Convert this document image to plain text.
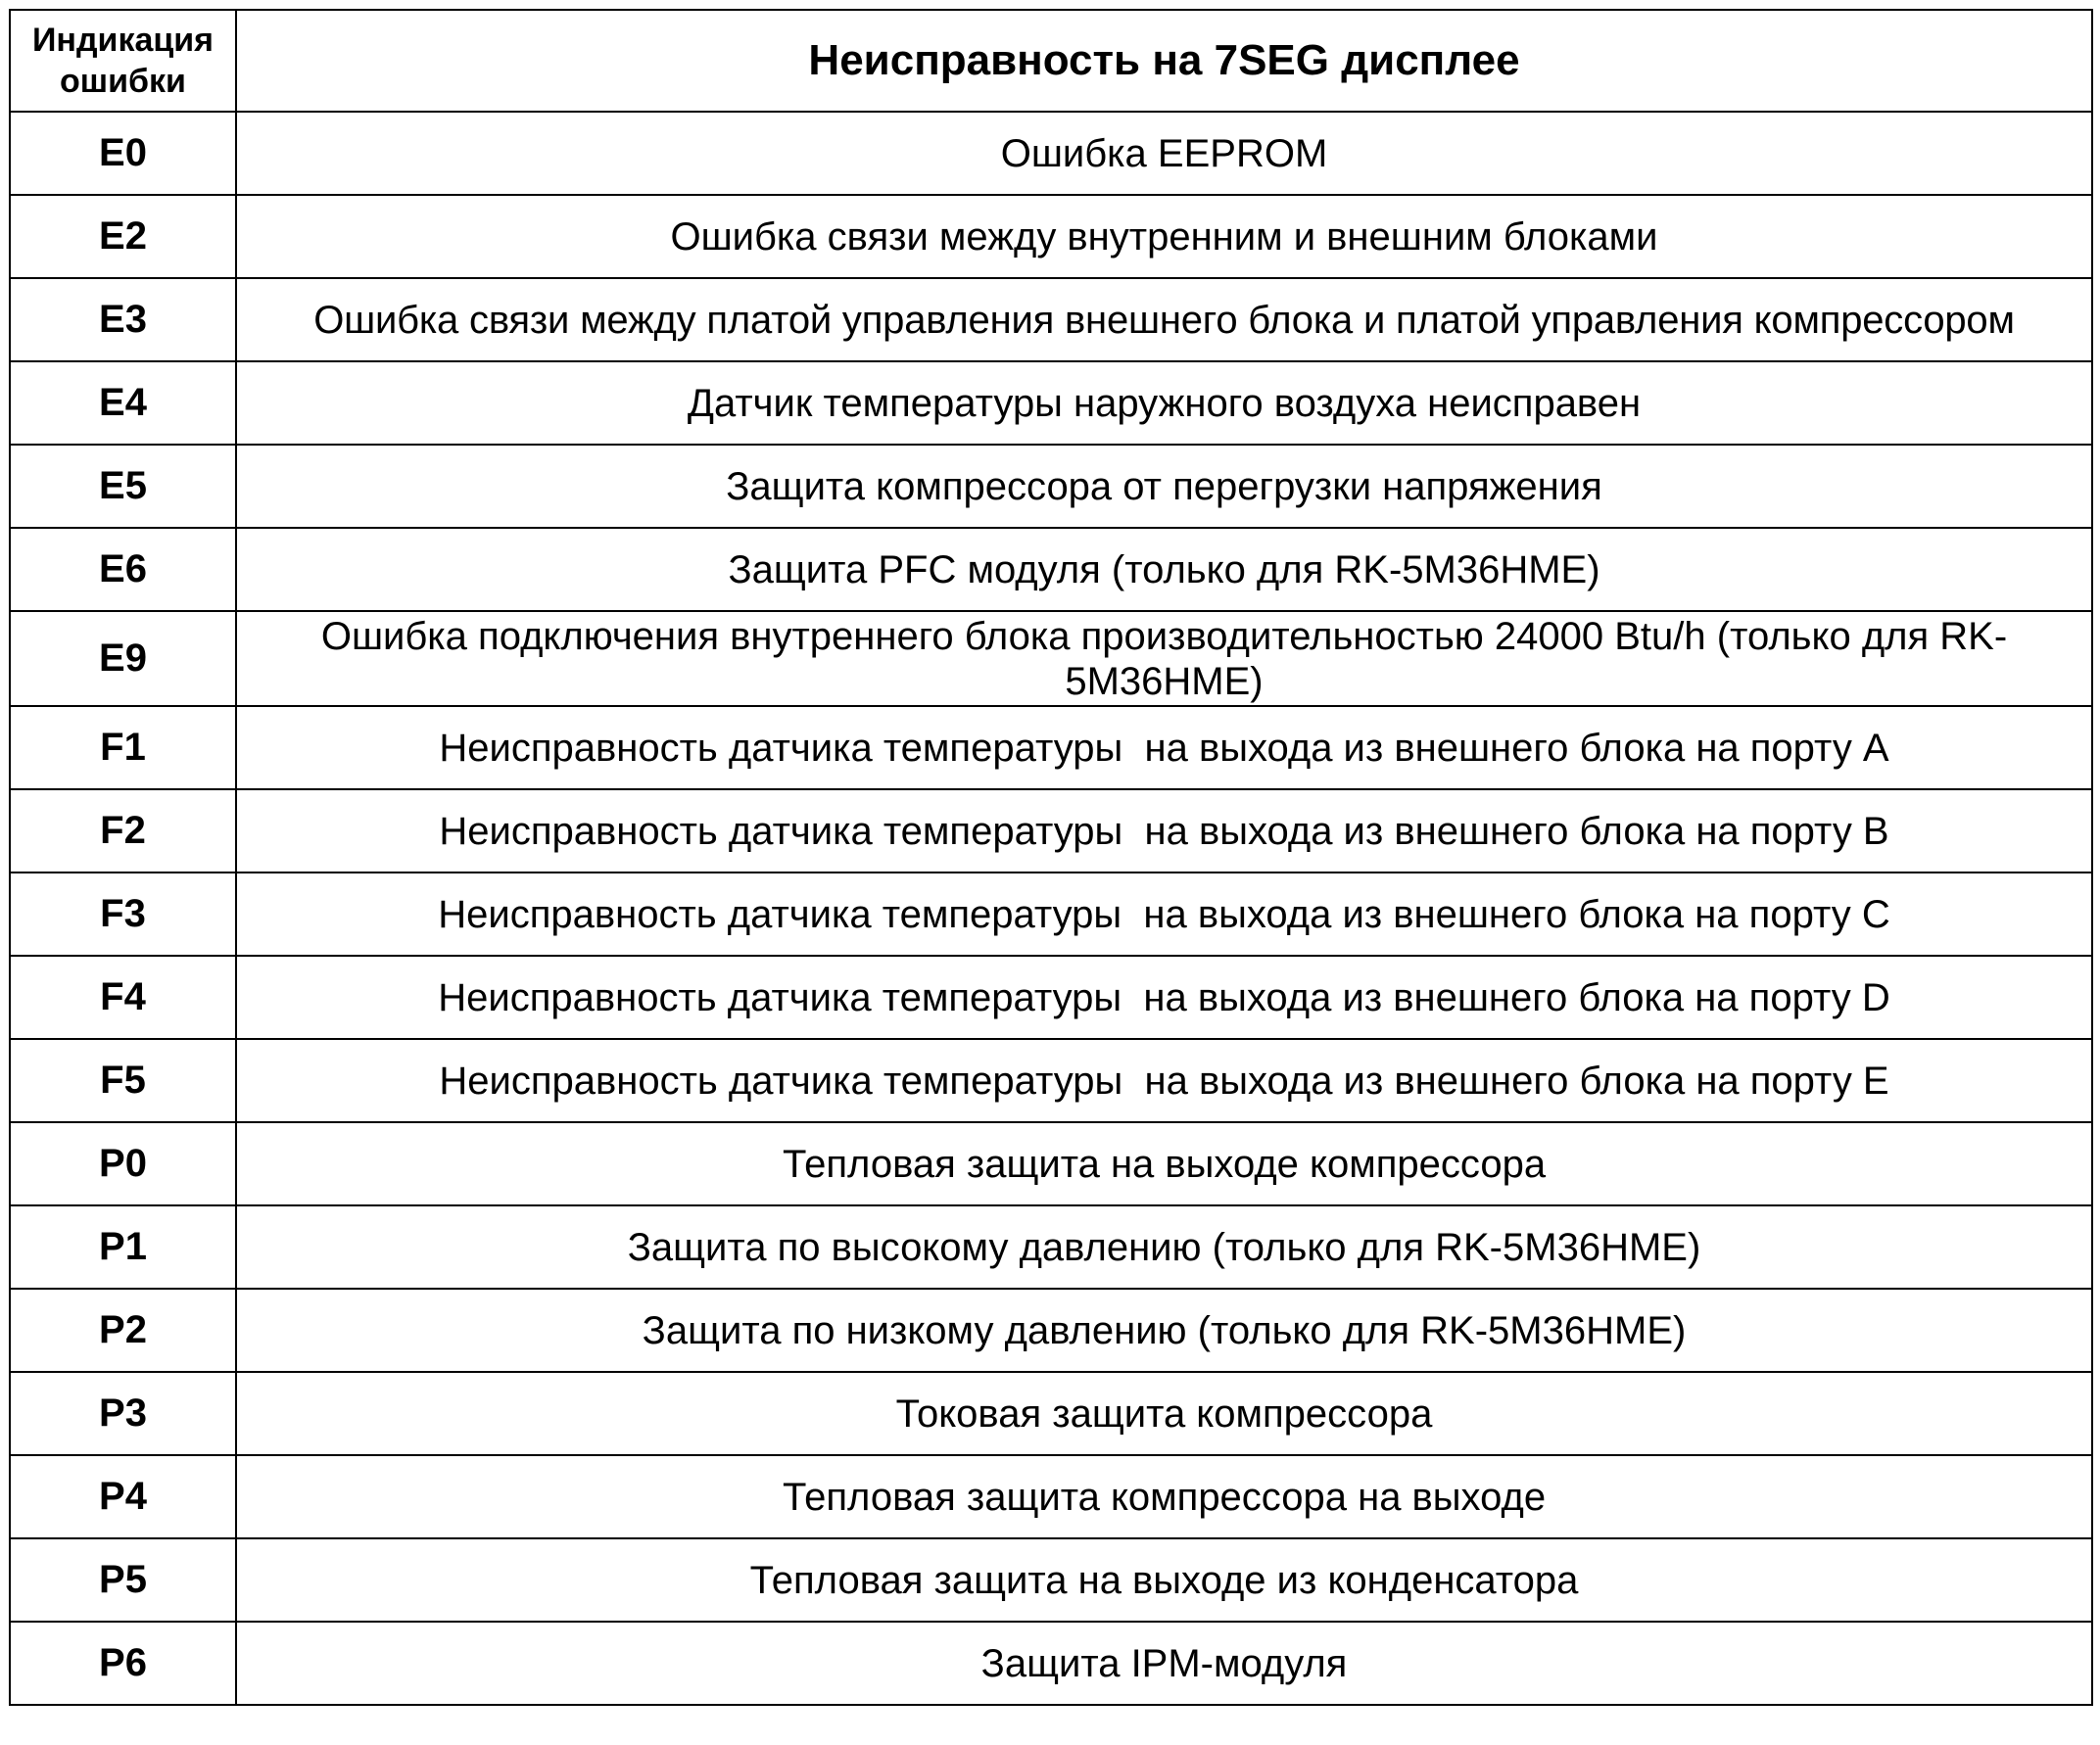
Индикация ошибки	Неисправность на 7SEG дисплее
E0	Ошибка EEPROM
E2	Ошибка связи между внутренним и внешним блоками
E3	Ошибка связи между платой управления внешнего блока и платой управления компрессором
E4	Датчик температуры наружного воздуха неисправен
E5	Защита компрессора от перегрузки напряжения
E6	Защита PFC модуля (только для RK-5M36HME)
E9	Ошибка подключения внутреннего блока производительностью 24000 Btu/h (только для RK-5M36HME)
F1	Неисправность датчика температуры  на выхода из внешнего блока на порту A
F2	Неисправность датчика температуры  на выхода из внешнего блока на порту B
F3	Неисправность датчика температуры  на выхода из внешнего блока на порту C
F4	Неисправность датчика температуры  на выхода из внешнего блока на порту D
F5	Неисправность датчика температуры  на выхода из внешнего блока на порту E
P0	Тепловая защита на выходе компрессора
P1	Защита по высокому давлению (только для RK-5M36HME)
P2	Защита по низкому давлению (только для RK-5M36HME)
P3	Токовая защита компрессора
P4	Тепловая защита компрессора на выходе
P5	Тепловая защита на выходе из конденсатора
P6	Защита IPM-модуля
